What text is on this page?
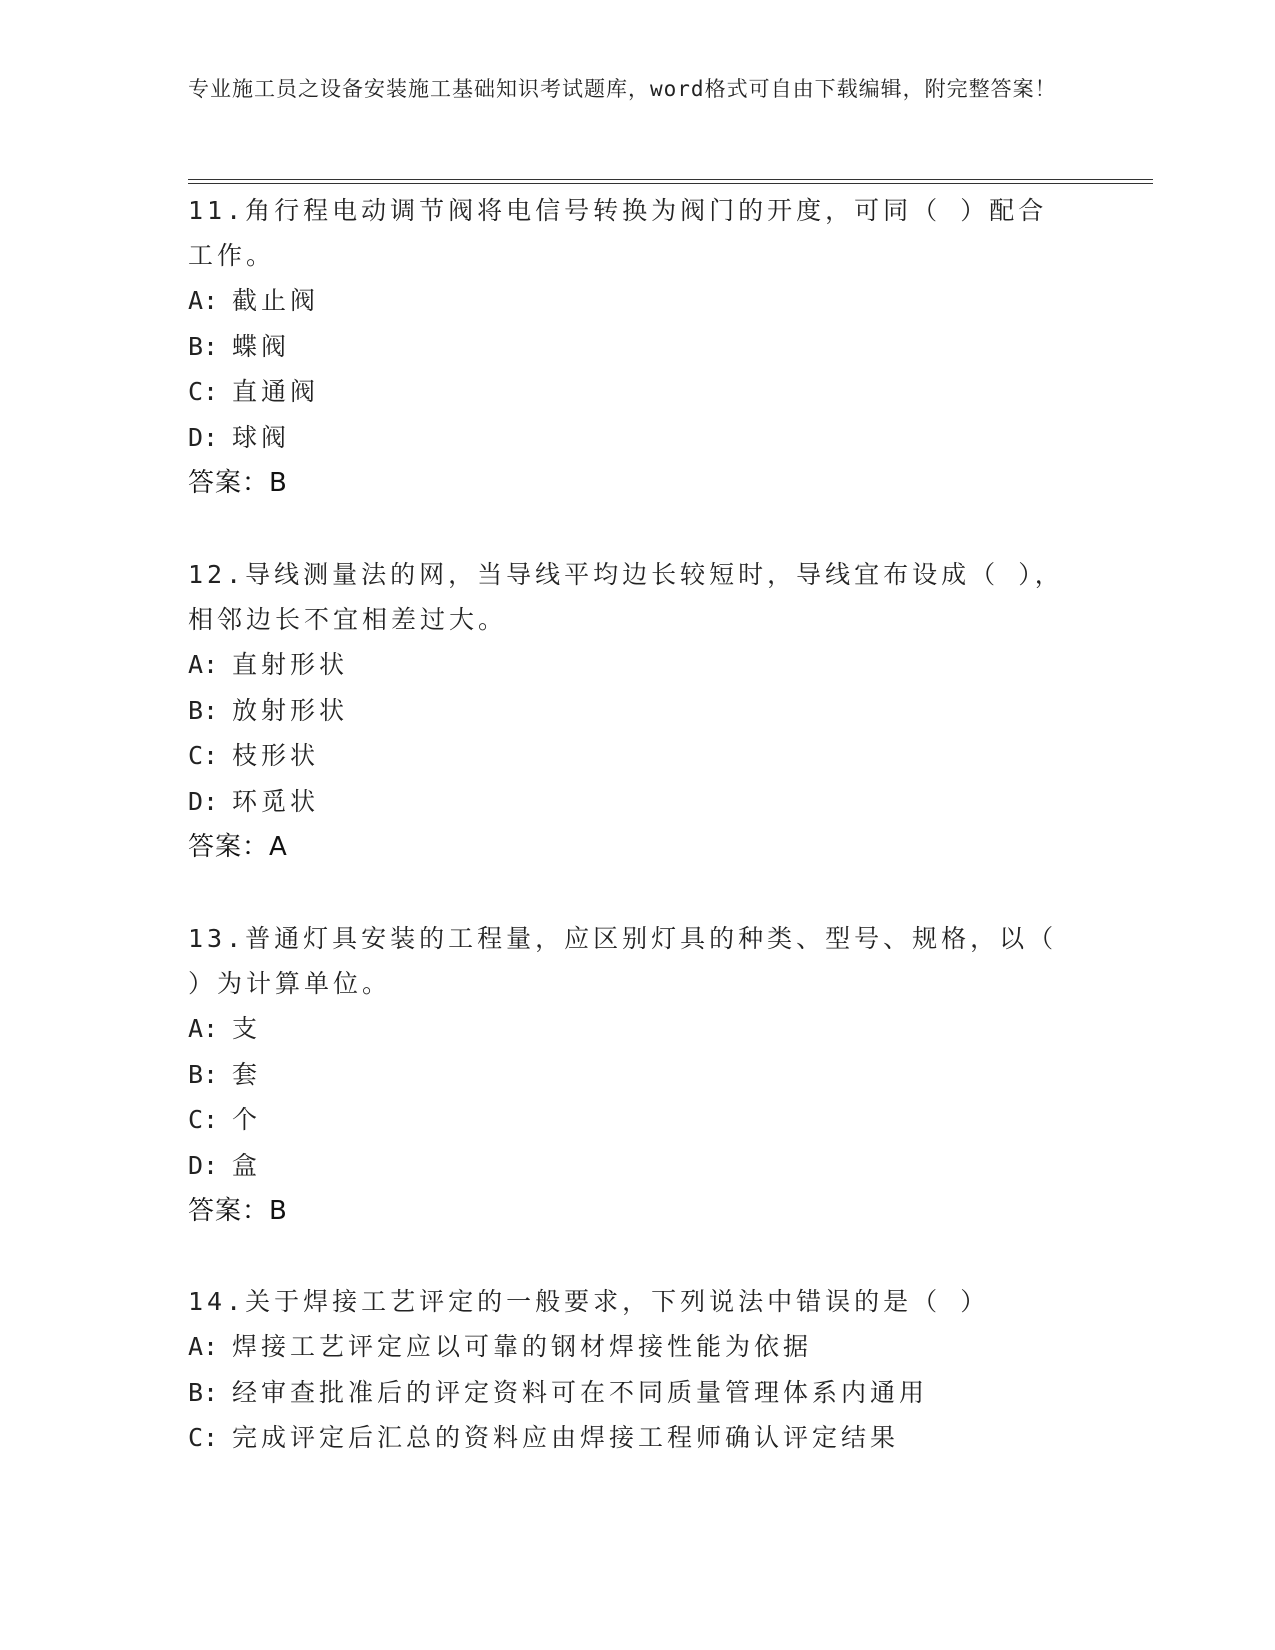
专业施工员之设备安装施工基础知识考试题库，word格式可自由下载编辑，附完整答案！

11.角行程电动调节阀将电信号转换为阀门的开度，可同（ ）配合工作。

A: 截止阀
B: 蝶阀
C: 直通阀
D: 球阀
答案：B

12.导线测量法的网，当导线平均边长较短时，导线宜布设成（ ），相邻边长不宜相差过大。

A: 直射形状
B: 放射形状
C: 枝形状
D: 环觅状
答案：A

13.普通灯具安装的工程量，应区别灯具的种类、型号、规格，以（ ）为计算单位。

A: 支
B: 套
C: 个
D: 盒
答案：B

14.关于焊接工艺评定的一般要求，下列说法中错误的是（ ）

A: 焊接工艺评定应以可靠的钢材焊接性能为依据
B: 经审查批准后的评定资料可在不同质量管理体系内通用
C: 完成评定后汇总的资料应由焊接工程师确认评定结果
